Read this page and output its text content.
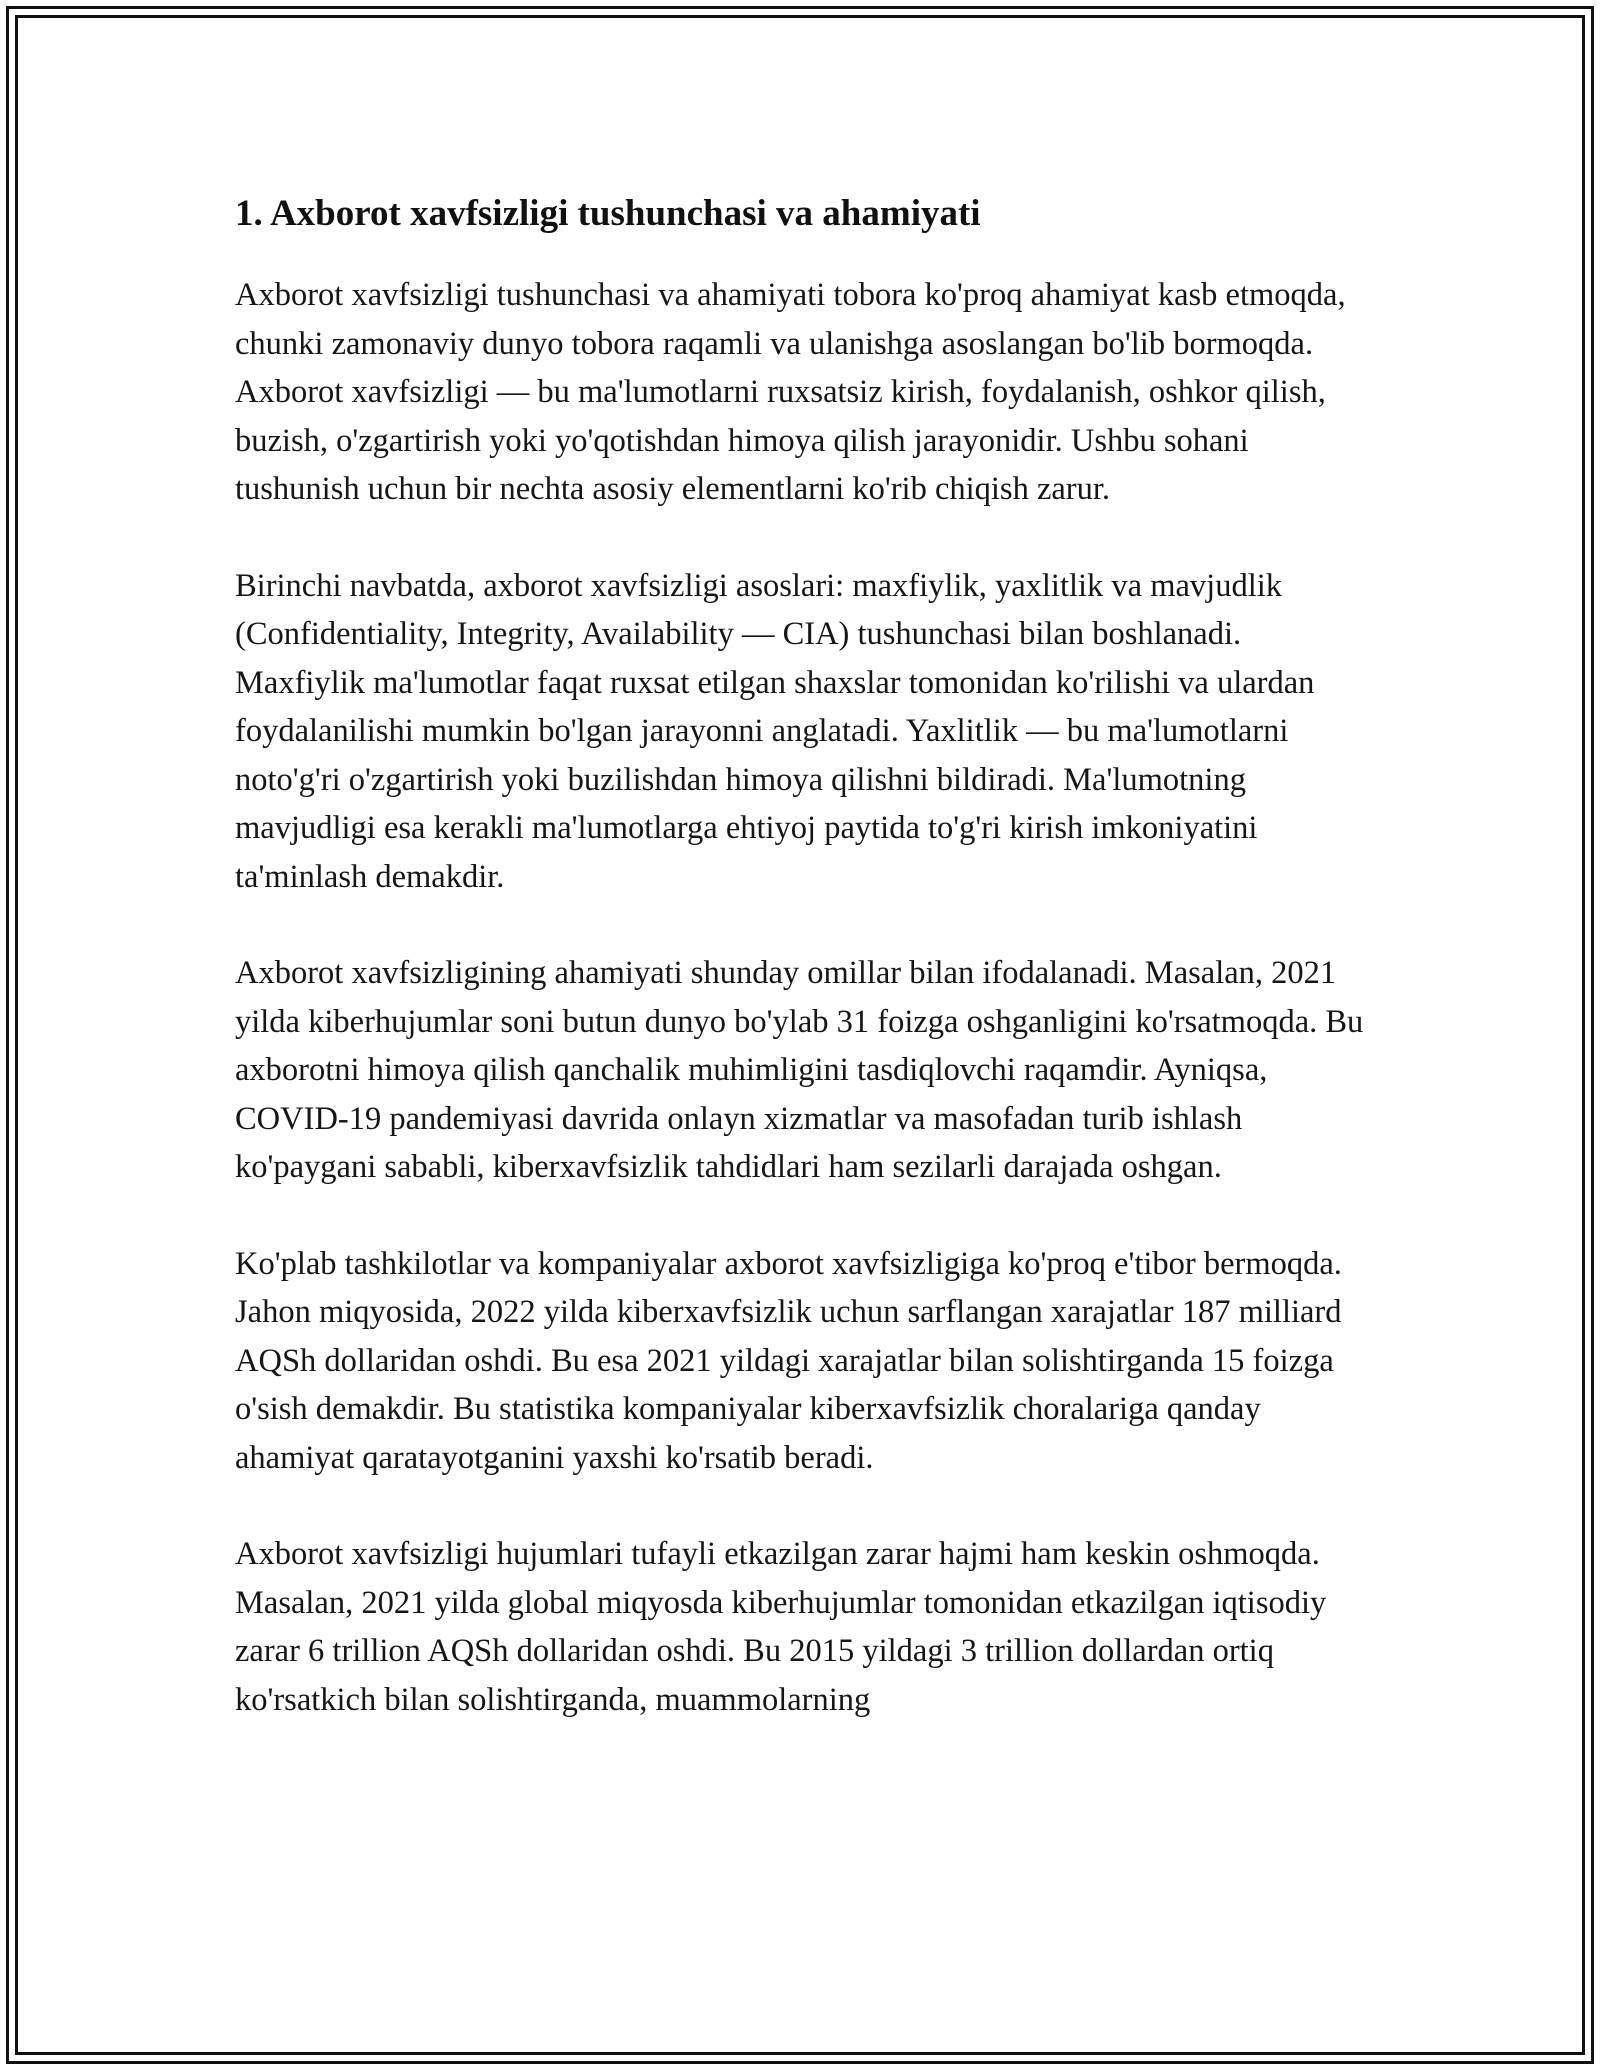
1. Axborot xavfsizligi tushunchasi va ahamiyati

Axborot xavfsizligi tushunchasi va ahamiyati tobora ko'proq ahamiyat kasb etmoqda, chunki zamonaviy dunyo tobora raqamli va ulanishga asoslangan bo'lib bormoqda. Axborot xavfsizligi — bu ma'lumotlarni ruxsatsiz kirish, foydalanish, oshkor qilish, buzish, o'zgartirish yoki yo'qotishdan himoya qilish jarayonidir. Ushbu sohani tushunish uchun bir nechta asosiy elementlarni ko'rib chiqish zarur.

Birinchi navbatda, axborot xavfsizligi asoslari: maxfiylik, yaxlitlik va mavjudlik (Confidentiality, Integrity, Availability — CIA) tushunchasi bilan boshlanadi. Maxfiylik ma'lumotlar faqat ruxsat etilgan shaxslar tomonidan ko'rilishi va ulardan foydalanilishi mumkin bo'lgan jarayonni anglatadi. Yaxlitlik — bu ma'lumotlarni noto'g'ri o'zgartirish yoki buzilishdan himoya qilishni bildiradi. Ma'lumotning mavjudligi esa kerakli ma'lumotlarga ehtiyoj paytida to'g'ri kirish imkoniyatini ta'minlash demakdir.

Axborot xavfsizligining ahamiyati shunday omillar bilan ifodalanadi. Masalan, 2021 yilda kiberhujumlar soni butun dunyo bo'ylab 31 foizga oshganligini ko'rsatmoqda. Bu axborotni himoya qilish qanchalik muhimligini tasdiqlovchi raqamdir. Ayniqsa, COVID-19 pandemiyasi davrida onlayn xizmatlar va masofadan turib ishlash ko'paygani sababli, kiberxavfsizlik tahdidlari ham sezilarli darajada oshgan.

Ko'plab tashkilotlar va kompaniyalar axborot xavfsizligiga ko'proq e'tibor bermoqda. Jahon miqyosida, 2022 yilda kiberxavfsizlik uchun sarflangan xarajatlar 187 milliard AQSh dollaridan oshdi. Bu esa 2021 yildagi xarajatlar bilan solishtirganda 15 foizga o'sish demakdir. Bu statistika kompaniyalar kiberxavfsizlik choralariga qanday ahamiyat qaratayotganini yaxshi ko'rsatib beradi.

Axborot xavfsizligi hujumlari tufayli etkazilgan zarar hajmi ham keskin oshmoqda. Masalan, 2021 yilda global miqyosda kiberhujumlar tomonidan etkazilgan iqtisodiy zarar 6 trillion AQSh dollaridan oshdi. Bu 2015 yildagi 3 trillion dollardan ortiq ko'rsatkich bilan solishtirganda, muammolarning
